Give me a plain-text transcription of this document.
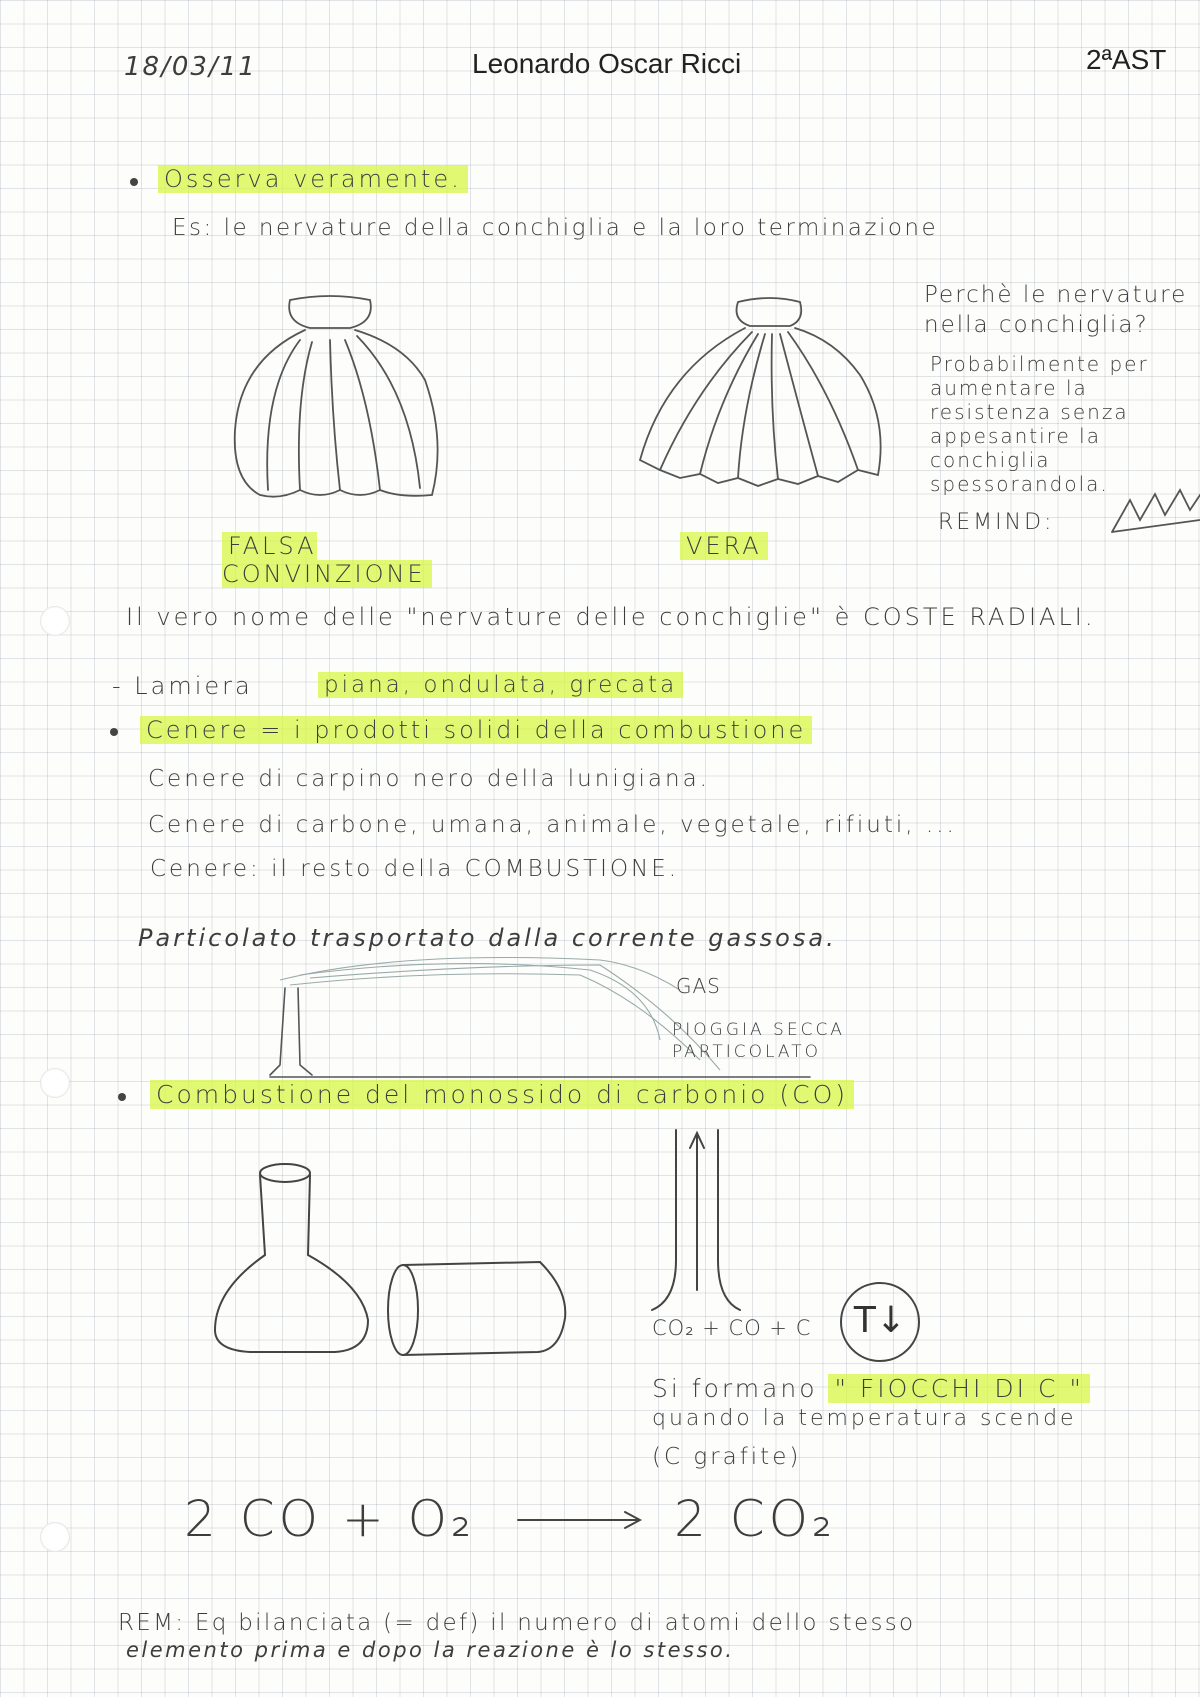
18/03/11	Leonardo Oscar Ricci	2ªAST
Osserva veramente.
Es: le nervature della conchiglia e la loro terminazione
FALSA CONVINZIONE
VERA
Perchè le nervature nella conchiglia?
Probabilmente per aumentare la resistenza senza appesantire la conchiglia spessorandola.
REMIND:
Il vero nome delle "nervature delle conchiglie" è COSTE RADIALI.
- Lamiera	piana, ondulata, grecata
Cenere = i prodotti solidi della combustione
Cenere di carpino nero della lunigiana.
Cenere di carbone, umana, animale, vegetale, rifiuti, ...
Cenere: il resto della COMBUSTIONE.
Particolato trasportato dalla corrente gassosa.
GAS
PIOGGIA SECCA
PARTICOLATO
Combustione del monossido di carbonio (CO)
CO₂ + CO + C	T↓
Si formano " FIOCCHI DI C "
quando la temperatura scende
(C grafite)
2 CO + O₂	2 CO₂
REM: Eq bilanciata (= def) il numero di atomi dello stesso
elemento prima e dopo la reazione è lo stesso.
